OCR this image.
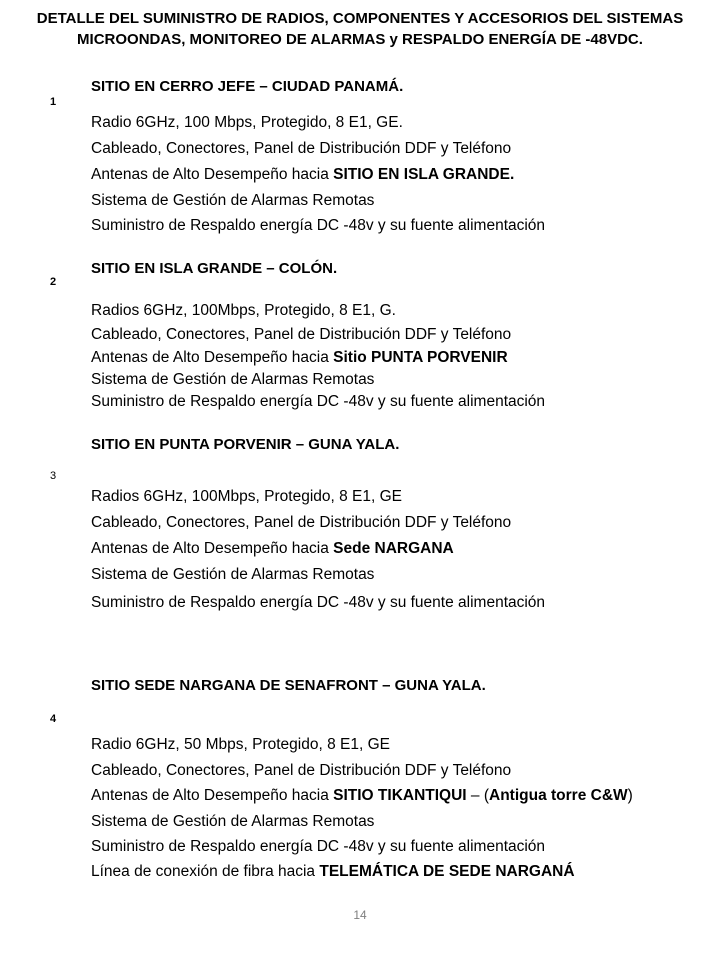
DETALLE DEL SUMINISTRO DE RADIOS, COMPONENTES Y ACCESORIOS DEL SISTEMAS
MICROONDAS, MONITOREO DE ALARMAS y RESPALDO ENERGÍA DE -48VDC.
1
SITIO EN CERRO JEFE – CIUDAD PANAMÁ.
Radio 6GHz, 100 Mbps, Protegido, 8 E1, GE.
Cableado, Conectores, Panel de Distribución DDF y Teléfono
Antenas de Alto Desempeño hacia SITIO EN ISLA GRANDE.
Sistema de Gestión de Alarmas Remotas
Suministro de Respaldo energía DC -48v y su fuente alimentación
2
SITIO EN ISLA GRANDE – COLÓN.
Radios 6GHz, 100Mbps, Protegido, 8 E1, G.
Cableado, Conectores, Panel de Distribución DDF y Teléfono
Antenas de Alto Desempeño hacia Sitio PUNTA PORVENIR
Sistema de Gestión de Alarmas Remotas
Suministro de Respaldo energía DC -48v y su fuente alimentación
3
SITIO EN PUNTA PORVENIR – GUNA YALA.
Radios 6GHz, 100Mbps, Protegido, 8 E1, GE
Cableado, Conectores, Panel de Distribución DDF y Teléfono
Antenas de Alto Desempeño hacia Sede NARGANA
Sistema de Gestión de Alarmas Remotas
Suministro de Respaldo energía DC -48v y su fuente alimentación
4
SITIO SEDE NARGANA DE SENAFRONT – GUNA YALA.
Radio 6GHz, 50 Mbps, Protegido, 8 E1, GE
Cableado, Conectores, Panel de Distribución DDF y Teléfono
Antenas de Alto Desempeño hacia SITIO TIKANTIQUI – (Antigua torre C&W)
Sistema de Gestión de Alarmas Remotas
Suministro de Respaldo energía DC -48v y su fuente alimentación
Línea de conexión de fibra hacia TELEMÁTICA DE SEDE NARGANÁ
14
